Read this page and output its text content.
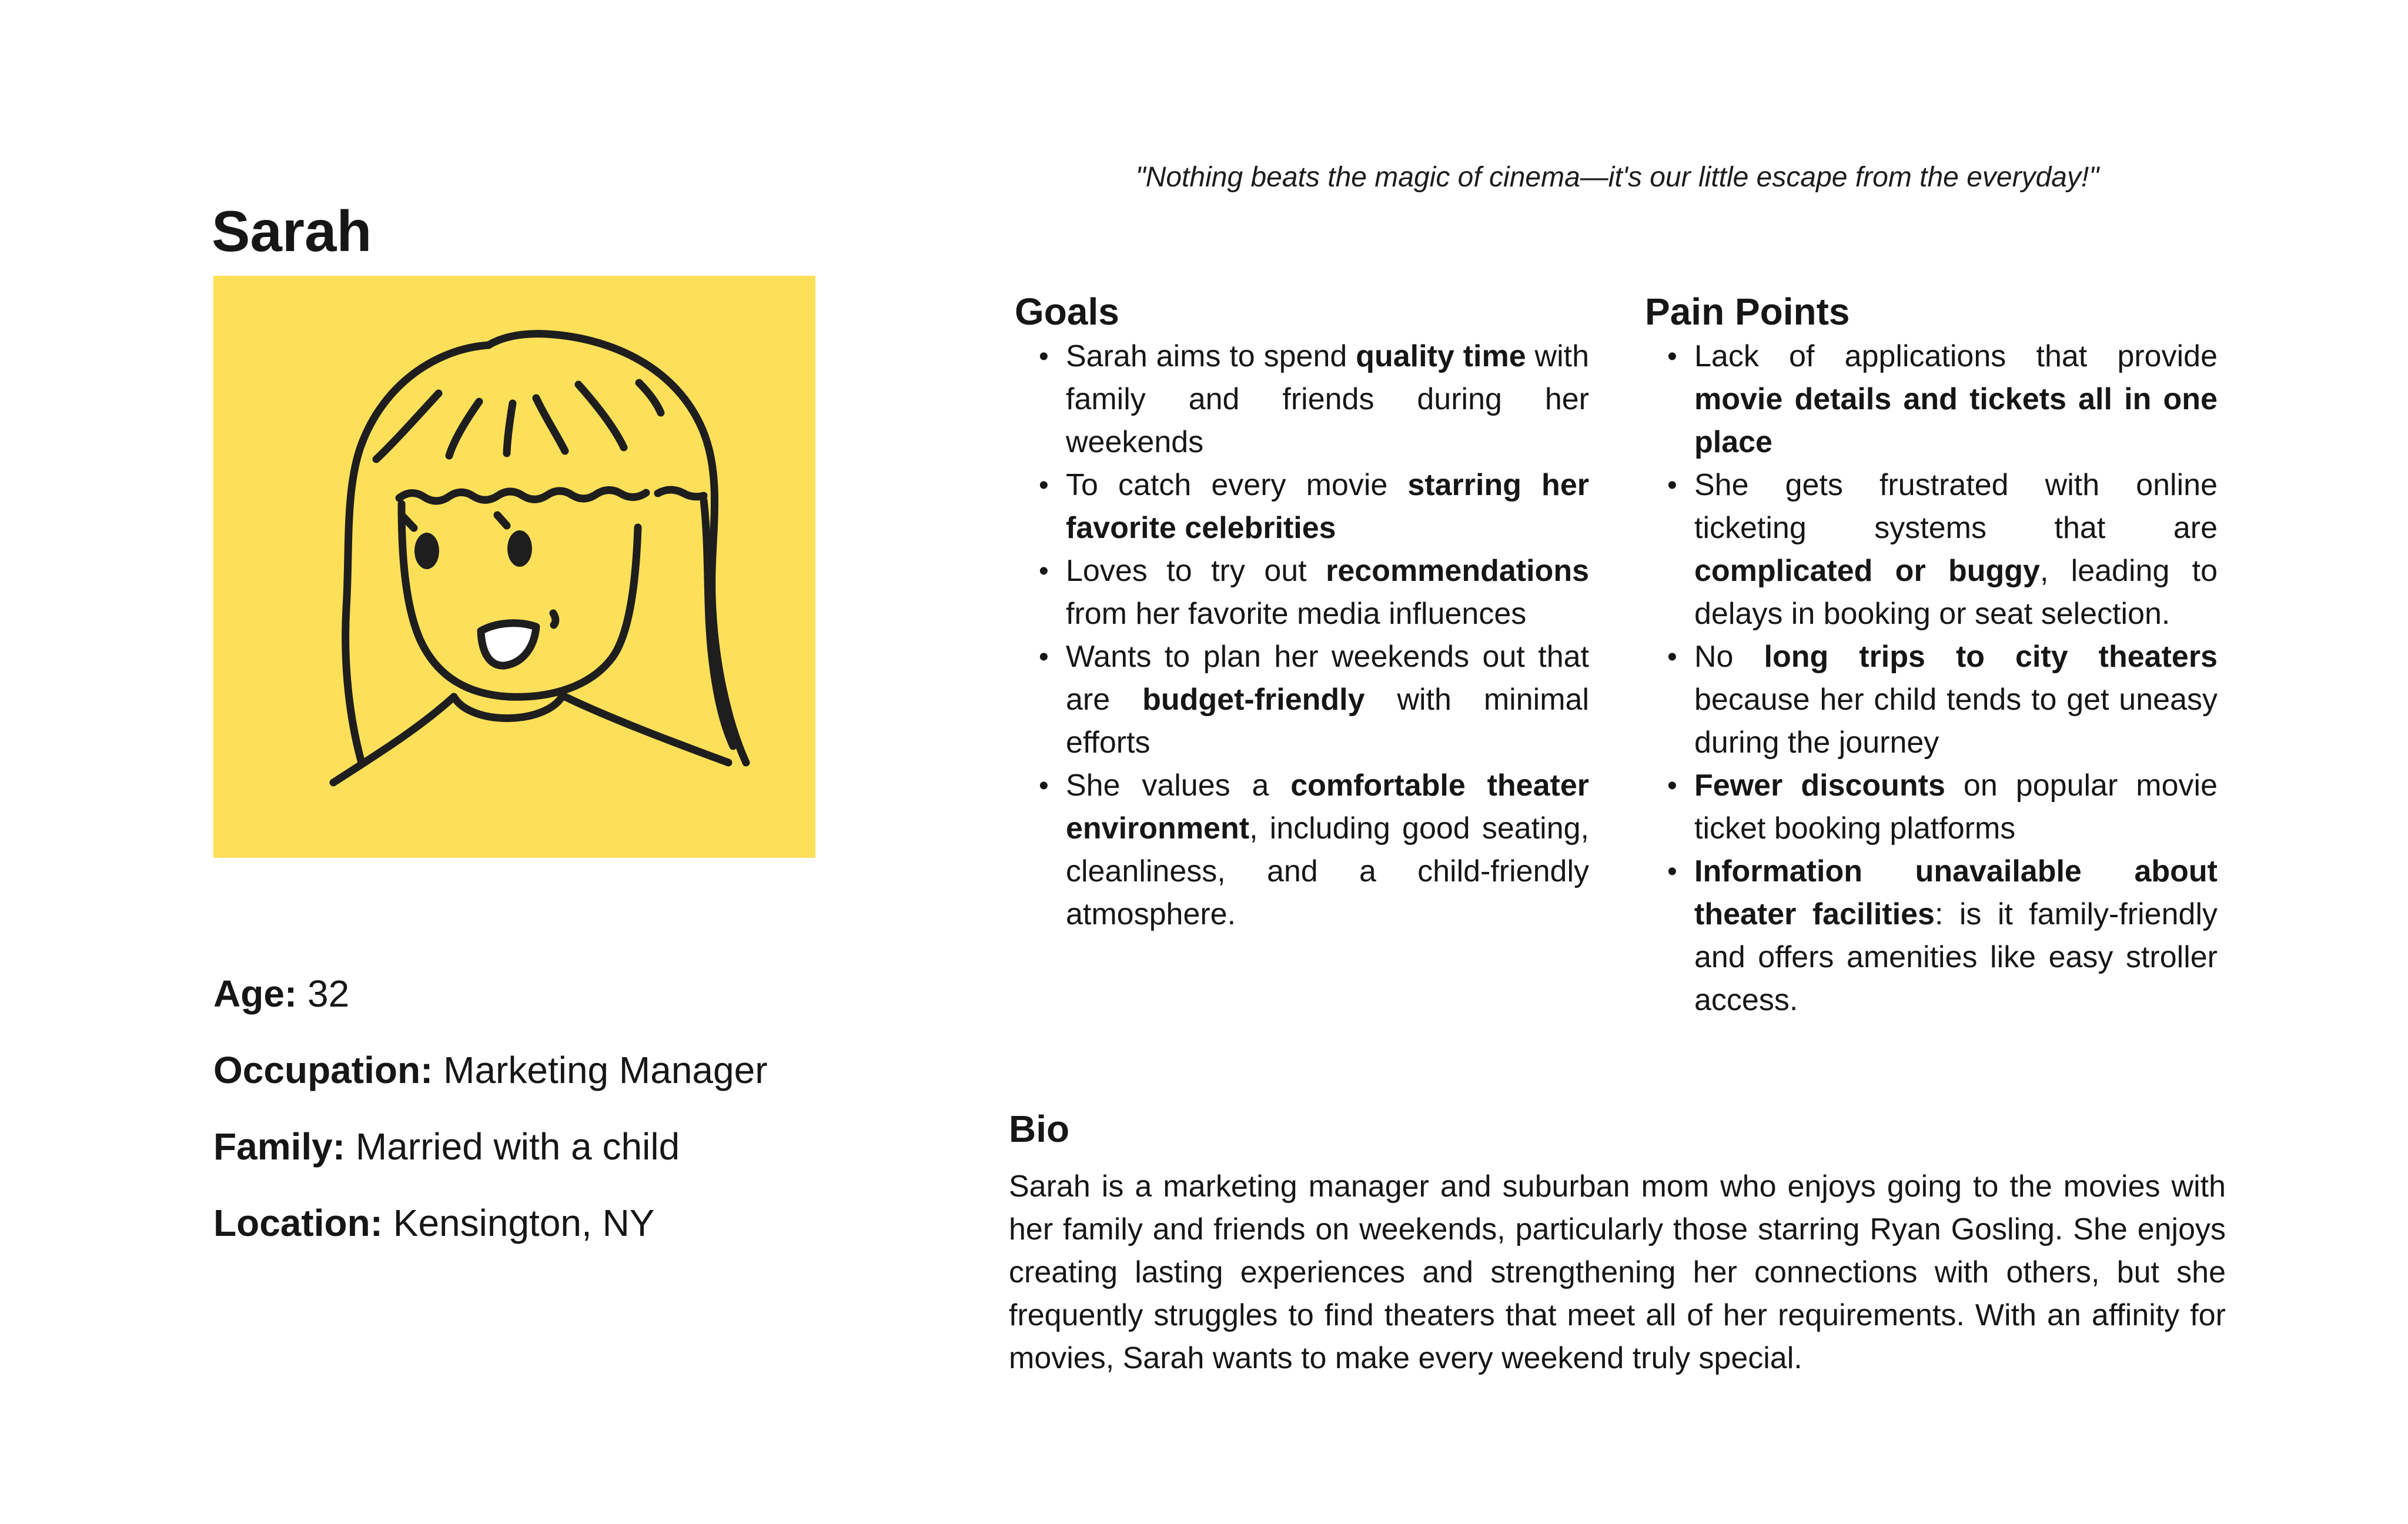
Sarah
Age: 32
Occupation: Marketing Manager
Family: Married with a child
Location: Kensington, NY
"Nothing beats the magic of cinema—it's our little escape from the everyday!"
Goals
• Sarah aims to spend quality time with family and friends during her weekends
• To catch every movie starring her favorite celebrities
• Loves to try out recommendations from her favorite media influences
• Wants to plan her weekends out that are budget-friendly with minimal efforts
• She values a comfortable theater environment, including good seating, cleanliness, and a child-friendly atmosphere.
Pain Points
• Lack of applications that provide movie details and tickets all in one place
• She gets frustrated with online ticketing systems that are complicated or buggy, leading to delays in booking or seat selection.
• No long trips to city theaters because her child tends to get uneasy during the journey
• Fewer discounts on popular movie ticket booking platforms
• Information unavailable about theater facilities: is it family-friendly and offers amenities like easy stroller access.
Bio

Sarah is a marketing manager and suburban mom who enjoys going to the movies with her family and friends on weekends, particularly those starring Ryan Gosling. She enjoys creating lasting experiences and strengthening her connections with others, but she frequently struggles to find theaters that meet all of her requirements. With an affinity for movies, Sarah wants to make every weekend truly special.
